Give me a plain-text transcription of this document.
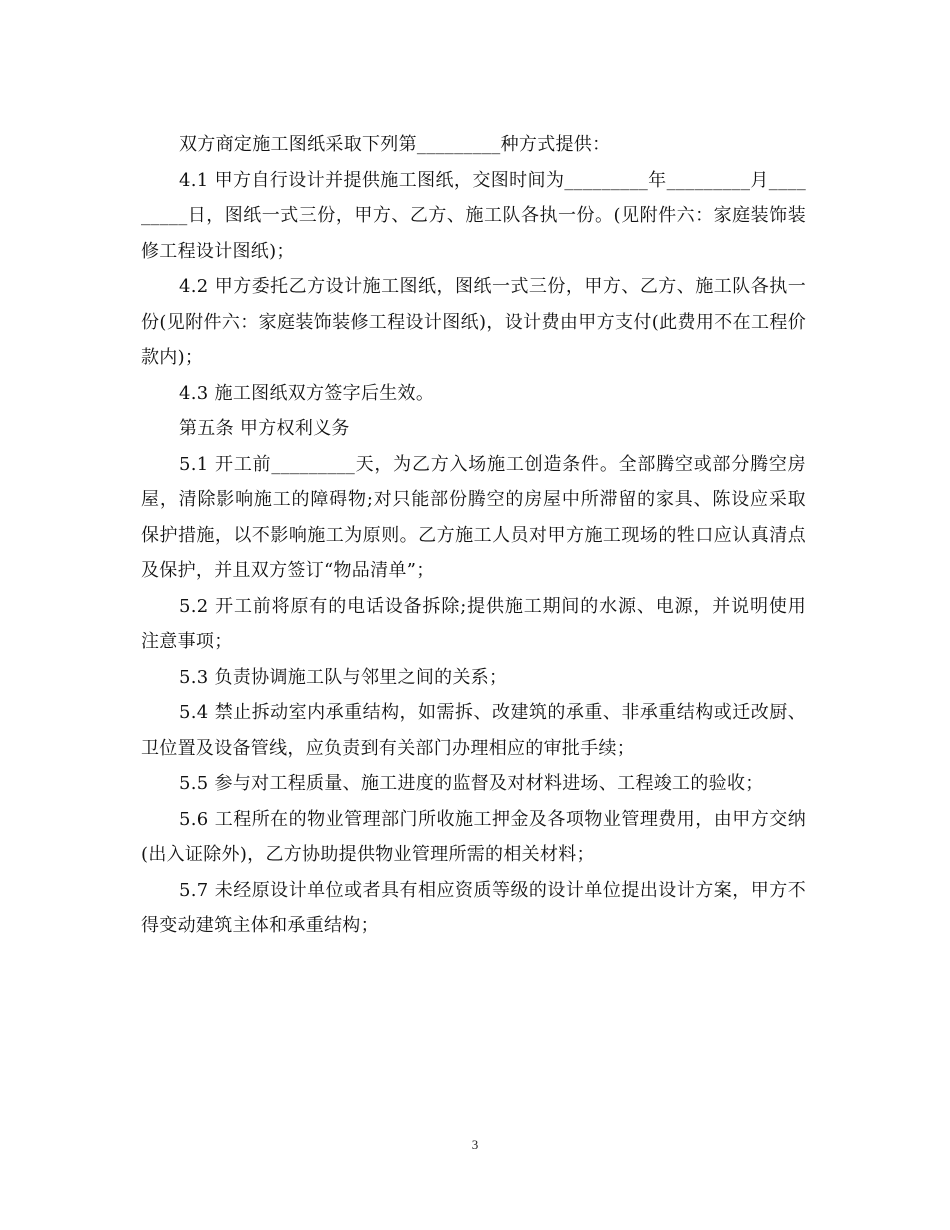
双方商定施工图纸采取下列第_________种方式提供：

4.1 甲方自行设计并提供施工图纸，交图时间为_________年_________月_________日，图纸一式三份，甲方、乙方、施工队各执一份。(见附件六：家庭装饰装修工程设计图纸)；

4.2 甲方委托乙方设计施工图纸，图纸一式三份，甲方、乙方、施工队各执一份(见附件六：家庭装饰装修工程设计图纸)，设计费由甲方支付(此费用不在工程价款内)；

4.3 施工图纸双方签字后生效。

第五条 甲方权利义务

5.1 开工前_________天，为乙方入场施工创造条件。全部腾空或部分腾空房屋，清除影响施工的障碍物;对只能部份腾空的房屋中所滞留的家具、陈设应采取保护措施，以不影响施工为原则。乙方施工人员对甲方施工现场的牲口应认真清点及保护，并且双方签订“物品清单”；

5.2 开工前将原有的电话设备拆除;提供施工期间的水源、电源，并说明使用注意事项；

5.3 负责协调施工队与邻里之间的关系；

5.4 禁止拆动室内承重结构，如需拆、改建筑的承重、非承重结构或迁改厨、卫位置及设备管线，应负责到有关部门办理相应的审批手续；

5.5 参与对工程质量、施工进度的监督及对材料进场、工程竣工的验收；

5.6 工程所在的物业管理部门所收施工押金及各项物业管理费用，由甲方交纳(出入证除外)，乙方协助提供物业管理所需的相关材料；

5.7 未经原设计单位或者具有相应资质等级的设计单位提出设计方案，甲方不得变动建筑主体和承重结构；

3
